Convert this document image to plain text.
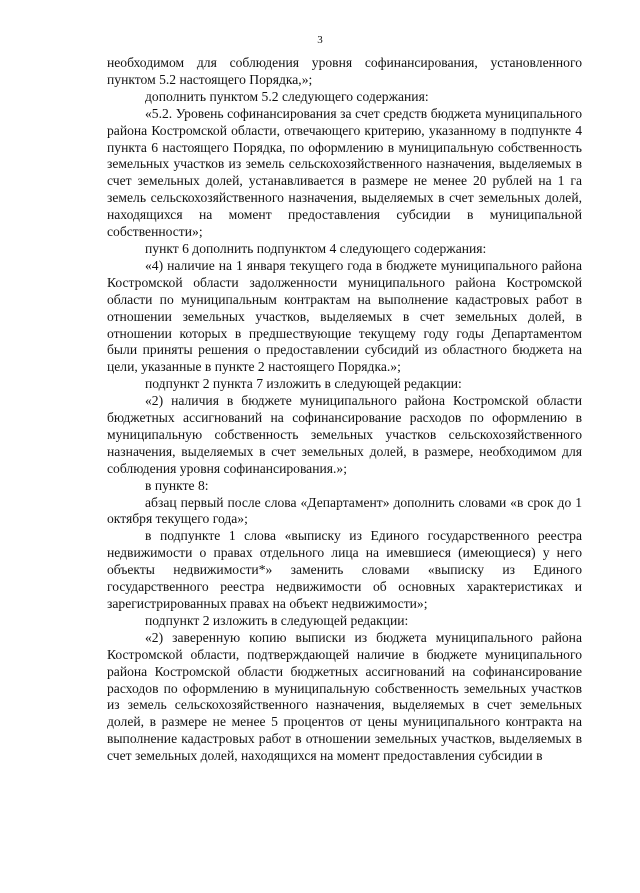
3

необходимом для соблюдения уровня софинансирования, установленного пунктом 5.2 настоящего Порядка,»;

дополнить пунктом 5.2 следующего содержания:

«5.2. Уровень софинансирования за счет средств бюджета муниципального района Костромской области, отвечающего критерию, указанному в подпункте 4 пункта 6 настоящего Порядка, по оформлению в муниципальную собственность земельных участков из земель сельскохозяйственного назначения, выделяемых в счет земельных долей, устанавливается в размере не менее 20 рублей на 1 га земель сельскохозяйственного назначения, выделяемых в счет земельных долей, находящихся на момент предоставления субсидии в муниципальной собственности»;

пункт 6 дополнить подпунктом 4 следующего содержания:

«4) наличие на 1 января текущего года в бюджете муниципального района Костромской области задолженности муниципального района Костромской области по муниципальным контрактам на выполнение кадастровых работ в отношении земельных участков, выделяемых в счет земельных долей, в отношении которых в предшествующие текущему году годы Департаментом были приняты решения о предоставлении субсидий из областного бюджета на цели, указанные в пункте 2 настоящего Порядка.»;

подпункт 2 пункта 7 изложить в следующей редакции:

«2) наличия в бюджете муниципального района Костромской области бюджетных ассигнований на софинансирование расходов по оформлению в муниципальную собственность земельных участков сельскохозяйственного назначения, выделяемых в счет земельных долей, в размере, необходимом для соблюдения уровня софинансирования.»;

в пункте 8:

абзац первый после слова «Департамент» дополнить словами «в срок до 1 октября текущего года»;

в подпункте 1 слова «выписку из Единого государственного реестра недвижимости о правах отдельного лица на имевшиеся (имеющиеся) у него объекты недвижимости*» заменить словами «выписку из Единого государственного реестра недвижимости об основных характеристиках и зарегистрированных правах на объект недвижимости»;

подпункт 2 изложить в следующей редакции:

«2) заверенную копию выписки из бюджета муниципального района Костромской области, подтверждающей наличие в бюджете муниципального района Костромской области бюджетных ассигнований на софинансирование расходов по оформлению в муниципальную собственность земельных участков из земель сельскохозяйственного назначения, выделяемых в счет земельных долей, в размере не менее 5 процентов от цены муниципального контракта на выполнение кадастровых работ в отношении земельных участков, выделяемых в счет земельных долей, находящихся на момент предоставления субсидии в
